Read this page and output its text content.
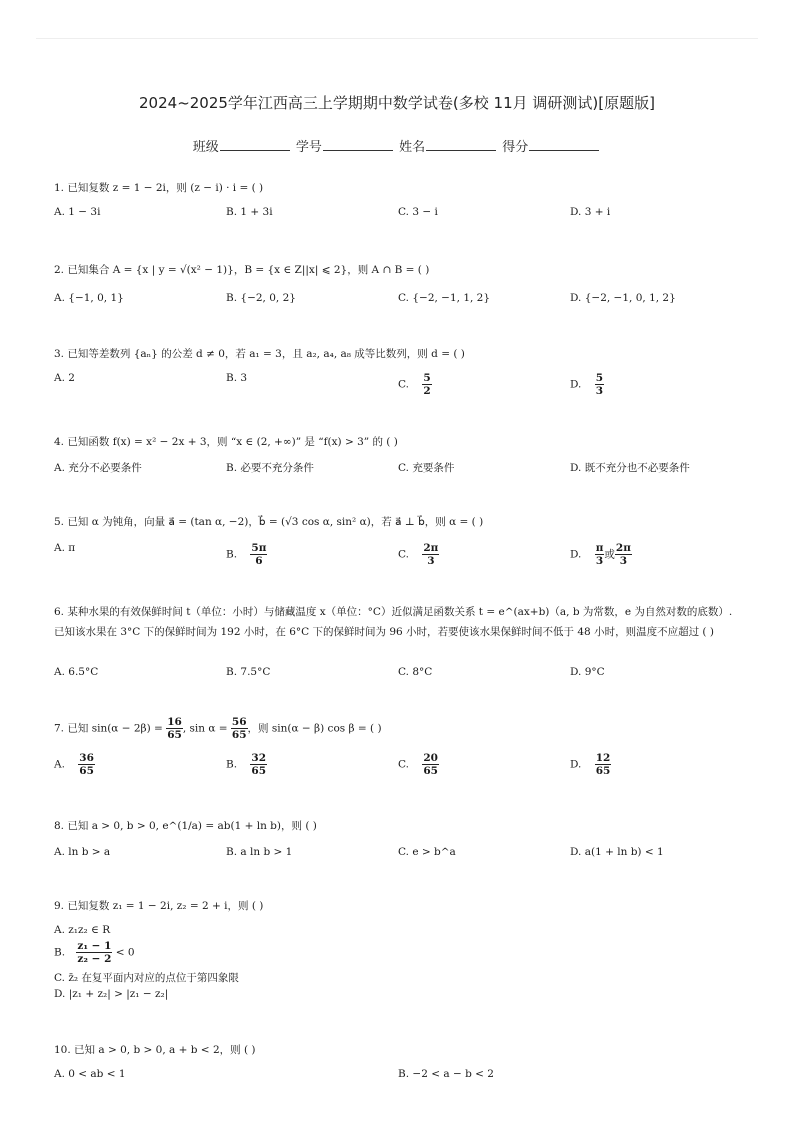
2024~2025学年江西高三上学期期中数学试卷(多校 11月 调研测试)[原题版]
班级	学号	姓名	得分
1. 已知复数 z = 1 − 2i，则 (z − i) · i = ( )
A. 1 − 3i	B. 1 + 3i	C. 3 − i	D. 3 + i
2. 已知集合 A = {x | y = √(x² − 1)}，B = {x ∈ Z||x| ⩽ 2}，则 A ∩ B = ( )
A. {−1, 0, 1}	B. {−2, 0, 2}	C. {−2, −1, 1, 2}	D. {−2, −1, 0, 1, 2}
3. 已知等差数列 {aₙ} 的公差 d ≠ 0，若 a₁ = 3，且 a₂, a₄, a₈ 成等比数列，则 d = ( )
A. 2	B. 3
C. $\frac{5}{2}$	D. $\frac{5}{3}$
4. 已知函数 f(x) = x² − 2x + 3，则 “x ∈ (2, +∞)” 是 “f(x) > 3” 的 ( )
A. 充分不必要条件	B. 必要不充分条件	C. 充要条件	D. 既不充分也不必要条件
5. 已知 α 为钝角，向量 a⃗ = (tan α, −2)，b⃗ = (√3 cos α, sin² α)，若 a⃗ ⊥ b⃗，则 α = ( )
A. π
B. $\frac{5\pi}{6}$	C. $\frac{2\pi}{3}$	D. $\frac{\pi}{3}$ 或 $\frac{2\pi}{3}$
6. 某种水果的有效保鲜时间 t（单位：小时）与储藏温度 x（单位：°C）近似满足函数关系 t = e^(ax+b)（a, b 为常数，e 为自然对数的底数）. 已知该水果在 3°C 下的保鲜时间为 192 小时，在 6°C 下的保鲜时间为 96 小时，若要使该水果保鲜时间不低于 48 小时，则温度不应超过 ( )
A. 6.5°C	B. 7.5°C	C. 8°C	D. 9°C
7. 已知 $\sin(\alpha - 2\beta) = \frac{16}{65}$ , $\sin \alpha = \frac{56}{65}$ ，则 sin(α − β) cos β = ( )
A. $\frac{36}{65}$	B. $\frac{32}{65}$	C. $\frac{20}{65}$	D. $\frac{12}{65}$
8. 已知 a > 0, b > 0, e^(1/a) = ab(1 + ln b)，则 ( )
A. ln b > a	B. a ln b > 1	C. e > b^a	D. a(1 + ln b) < 1
9. 已知复数 z₁ = 1 − 2i, z₂ = 2 + i，则 ( )
A. z₁z₂ ∈ R
B. $\frac{\text{z₁ − 1}}{\text{z₂ − 2}} < 0$
C. z̄₂ 在复平面内对应的点位于第四象限
D. |z₁ + z₂| > |z₁ − z₂|
10. 已知 a > 0, b > 0, a + b < 2，则 ( )
A. 0 < ab < 1	B. −2 < a − b < 2
